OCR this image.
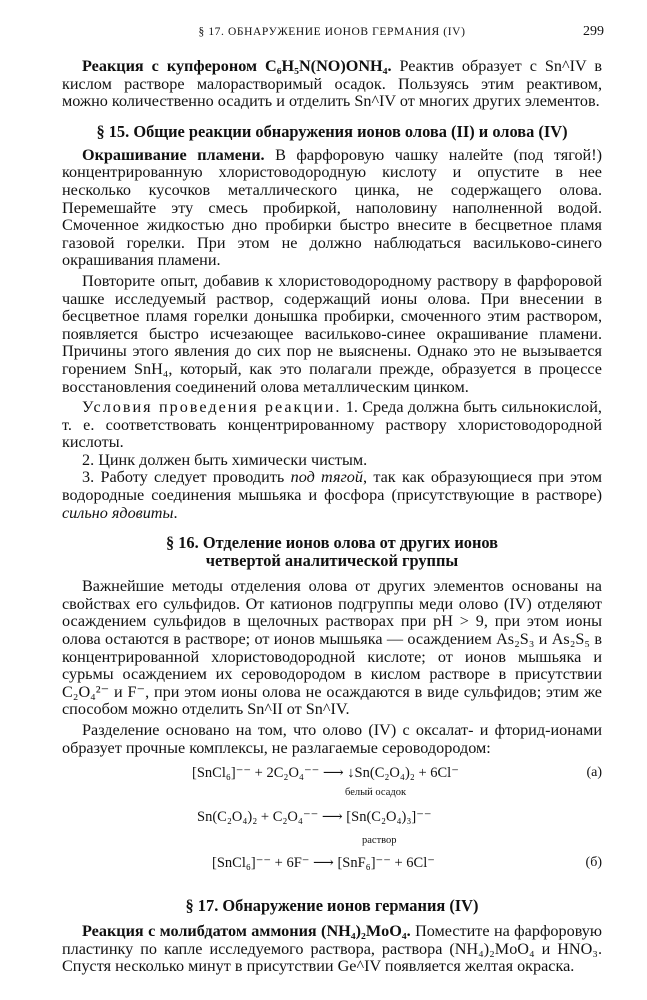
§ 17. ОБНАРУЖЕНИЕ ИОНОВ ГЕРМАНИЯ (IV)	299

Реакция с купфероном C₆H₅N(NO)ONH₄. Реактив образует с Sn^IV в кислом растворе малорастворимый осадок. Пользуясь этим реактивом, можно количественно осадить и отделить Sn^IV от многих других элементов.

§ 15. Общие реакции обнаружения ионов олова (II) и олова (IV)

Окрашивание пламени. В фарфоровую чашку налейте (под тягой!) концентрированную хлористоводородную кислоту и опустите в нее несколько кусочков металлического цинка, не содержащего олова. Перемешайте эту смесь пробиркой, наполовину наполненной водой. Смоченное жидкостью дно пробирки быстро внесите в бесцветное пламя газовой горелки. При этом не должно наблюдаться василькoво-синего окрашивания пламени.

Повторите опыт, добавив к хлористоводородному раствору в фарфоровой чашке исследуемый раствор, содержащий ионы олова. При внесении в бесцветное пламя горелки донышка пробирки, смоченного этим раствором, появляется быстро исчезающее васильково-синее окрашивание пламени. Причины этого явления до сих пор не выяснены. Однако это не вызывается горением SnH₄, который, как это полагали прежде, образуется в процессе восстановления соединений олова металлическим цинком.

Условия проведения реакции. 1. Среда должна быть сильнокислой, т. е. соответствовать концентрированному раствору хлористоводородной кислоты.

2. Цинк должен быть химически чистым.

3. Работу следует проводить под тягой, так как образующиеся при этом водородные соединения мышьяка и фосфора (присутствующие в растворе) сильно ядовиты.

§ 16. Отделение ионов олова от других ионов
четвертой аналитической группы

Важнейшие методы отделения олова от других элементов основаны на свойствах его сульфидов. От катионов подгруппы меди олово (IV) отделяют осаждением сульфидов в щелочных растворах при pH > 9, при этом ионы олова остаются в растворе; от ионов мышьяка — осаждением As₂S₃ и As₂S₅ в концентрированной хлористоводородной кислоте; от ионов мышьяка и сурьмы осаждением их сероводородом в кислом растворе в присутствии C₂O₄²⁻ и F⁻, при этом ионы олова не осаждаются в виде сульфидов; этим же способом можно отделить Sn^II от Sn^IV.

Разделение основано на том, что олово (IV) с оксалат- и фторид-ионами образует прочные комплексы, не разлагаемые сероводородом:

[SnCl₆]⁻⁻ + 2C₂O₄⁻⁻ ⟶ ↓Sn(C₂O₄)₂ + 6Cl⁻	(а)
белый осадок
Sn(C₂O₄)₂ + C₂O₄⁻⁻ ⟶ [Sn(C₂O₄)₃]⁻⁻
раствор
[SnCl₆]⁻⁻ + 6F⁻ ⟶ [SnF₆]⁻⁻ + 6Cl⁻	(б)
§ 17. Обнаружение ионов германия (IV)

Реакция с молибдатом аммония (NH₄)₂MoO₄. Поместите на фарфоровую пластинку по капле исследуемого раствора, раствора (NH₄)₂MoO₄ и HNO₃. Спустя несколько минут в присутствии Ge^IV появляется желтая окраска.
